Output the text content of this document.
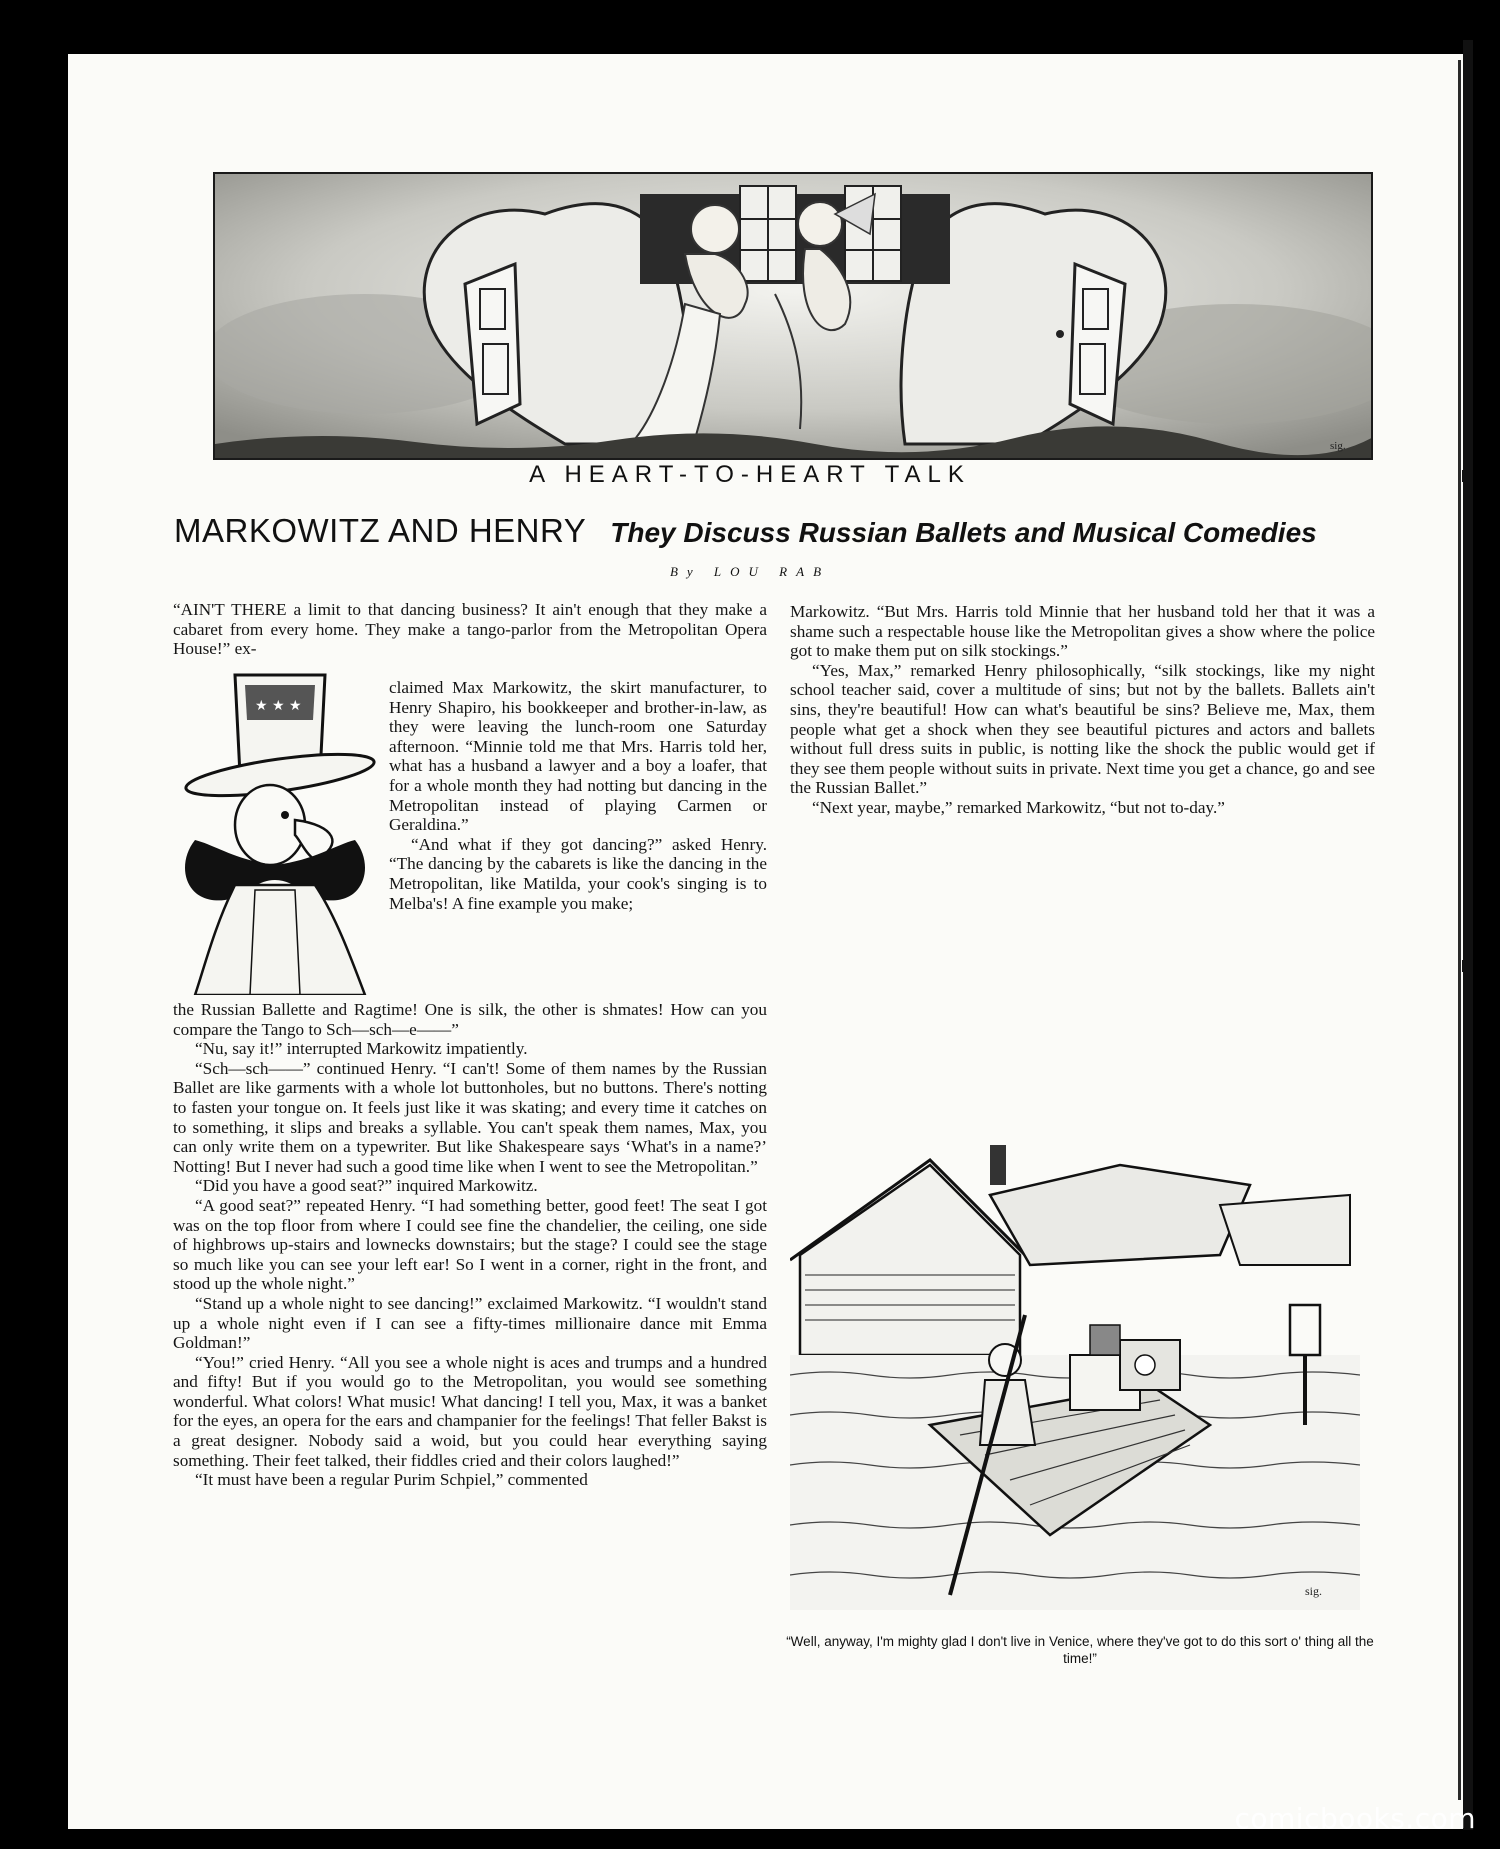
sig.
A HEART-TO-HEART TALK
MARKOWITZ AND HENRY They Discuss Russian Ballets and Musical Comedies
By LOU RAB
★ ★ ★

“AIN'T THERE a limit to that dancing business? It ain't enough that they make a cabaret from every home. They make a tango-parlor from the Metropolitan Opera House!” ex-

claimed Max Markowitz, the skirt manufacturer, to Henry Shapiro, his bookkeeper and brother-in-law, as they were leaving the lunch-room one Saturday afternoon. “Minnie told me that Mrs. Harris told her, what has a husband a lawyer and a boy a loafer, that for a whole month they had notting but dancing in the Metropolitan instead of playing Carmen or Geraldina.”

“And what if they got dancing?” asked Henry. “The dancing by the cabarets is like the dancing in the Metropolitan, like Matilda, your cook's singing is to Melba's! A fine example you make;

the Russian Ballette and Ragtime! One is silk, the other is shmates! How can you compare the Tango to Sch—sch—e——”

“Nu, say it!” interrupted Markowitz impatiently.

“Sch—sch——” continued Henry. “I can't! Some of them names by the Russian Ballet are like garments with a whole lot buttonholes, but no buttons. There's notting to fasten your tongue on. It feels just like it was skating; and every time it catches on to something, it slips and breaks a syllable. You can't speak them names, Max, you can only write them on a typewriter. But like Shakespeare says ‘What's in a name?’ Notting! But I never had such a good time like when I went to see the Metropolitan.”

“Did you have a good seat?” inquired Markowitz.

“A good seat?” repeated Henry. “I had something better, good feet! The seat I got was on the top floor from where I could see fine the chandelier, the ceiling, one side of highbrows up-stairs and lownecks downstairs; but the stage? I could see the stage so much like you can see your left ear! So I went in a corner, right in the front, and stood up the whole night.”

“Stand up a whole night to see dancing!” exclaimed Markowitz. “I wouldn't stand up a whole night even if I can see a fifty-times millionaire dance mit Emma Goldman!”

“You!” cried Henry. “All you see a whole night is aces and trumps and a hundred and fifty! But if you would go to the Metropolitan, you would see something wonderful. What colors! What music! What dancing! I tell you, Max, it was a banket for the eyes, an opera for the ears and champanier for the feelings! That feller Bakst is a great designer. Nobody said a woid, but you could hear everything saying something. Their feet talked, their fiddles cried and their colors laughed!”

“It must have been a regular Purim Schpiel,” commented

Markowitz. “But Mrs. Harris told Minnie that her husband told her that it was a shame such a respectable house like the Metropolitan gives a show where the police got to make them put on silk stockings.”

“Yes, Max,” remarked Henry philosophically, “silk stockings, like my night school teacher said, cover a multitude of sins; but not by the ballets. Ballets ain't sins, they're beautiful! How can what's beautiful be sins? Believe me, Max, them people what get a shock when they see beautiful pictures and actors and ballets without full dress suits in public, is notting like the shock the public would get if they see them people without suits in private. Next time you get a chance, go and see the Russian Ballet.”

“Next year, maybe,” remarked Markowitz, “but not to-day.”

sig.
“Well, anyway, I'm mighty glad I don't live in Venice, where they've got to do this sort o' thing all the time!”
comicbooks.com
